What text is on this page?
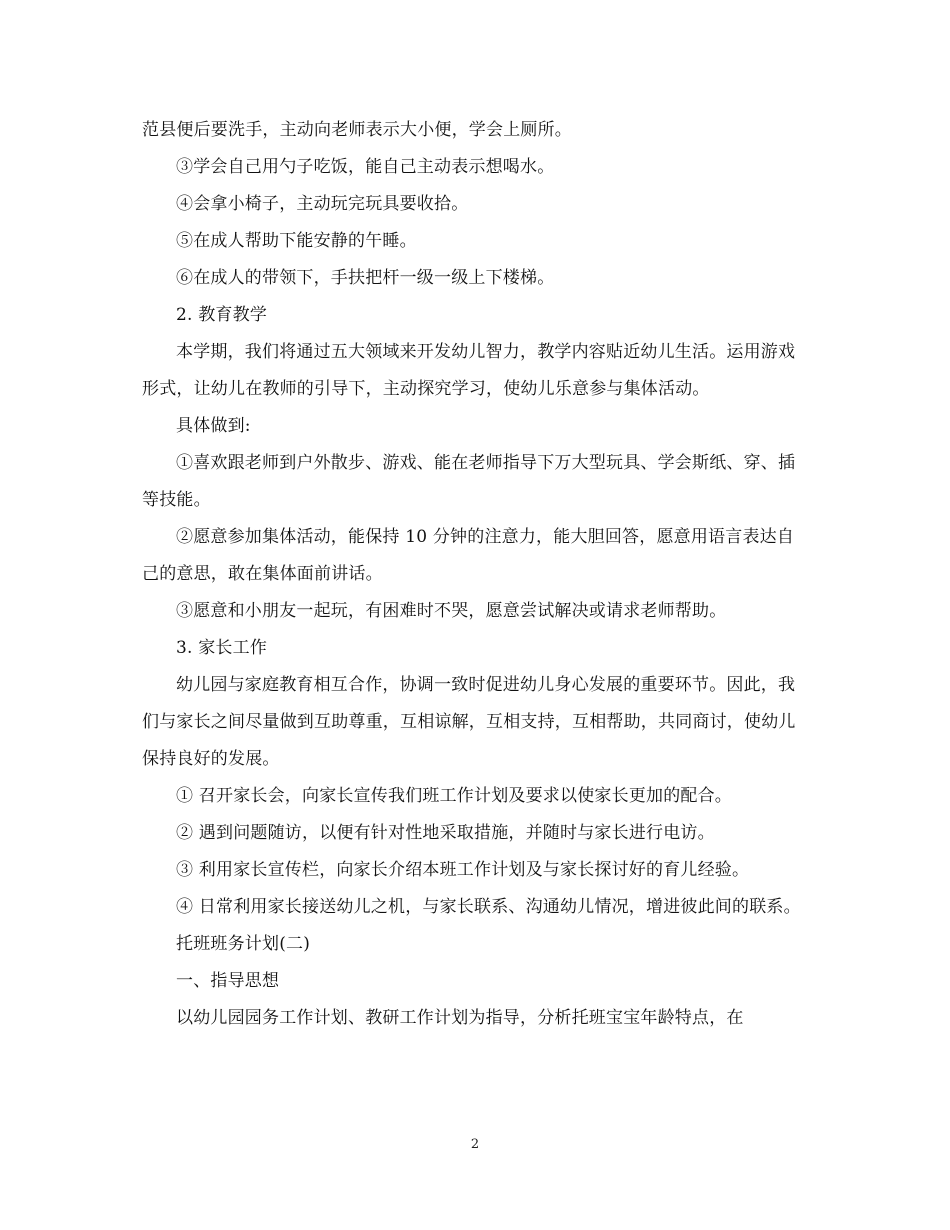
范县便后要洗手，主动向老师表示大小便，学会上厕所。

③学会自己用勺子吃饭，能自己主动表示想喝水。

④会拿小椅子，主动玩完玩具要收拾。

⑤在成人帮助下能安静的午睡。

⑥在成人的带领下，手扶把杆一级一级上下楼梯。

2. 教育教学

本学期，我们将通过五大领域来开发幼儿智力，教学内容贴近幼儿生活。运用游戏形式，让幼儿在教师的引导下，主动探究学习，使幼儿乐意参与集体活动。

具体做到:

①喜欢跟老师到户外散步、游戏、能在老师指导下万大型玩具、学会斯纸、穿、插等技能。

②愿意参加集体活动，能保持 10 分钟的注意力，能大胆回答，愿意用语言表达自己的意思，敢在集体面前讲话。

③愿意和小朋友一起玩，有困难时不哭，愿意尝试解决或请求老师帮助。

3. 家长工作

幼儿园与家庭教育相互合作，协调一致时促进幼儿身心发展的重要环节。因此，我们与家长之间尽量做到互助尊重，互相谅解，互相支持，互相帮助，共同商讨，使幼儿保持良好的发展。

① 召开家长会，向家长宣传我们班工作计划及要求以使家长更加的配合。

② 遇到问题随访，以便有针对性地采取措施，并随时与家长进行电访。

③ 利用家长宣传栏，向家长介绍本班工作计划及与家长探讨好的育儿经验。

④ 日常利用家长接送幼儿之机，与家长联系、沟通幼儿情况，增进彼此间的联系。

托班班务计划(二)

一、指导思想

以幼儿园园务工作计划、教研工作计划为指导，分析托班宝宝年龄特点，在

2
